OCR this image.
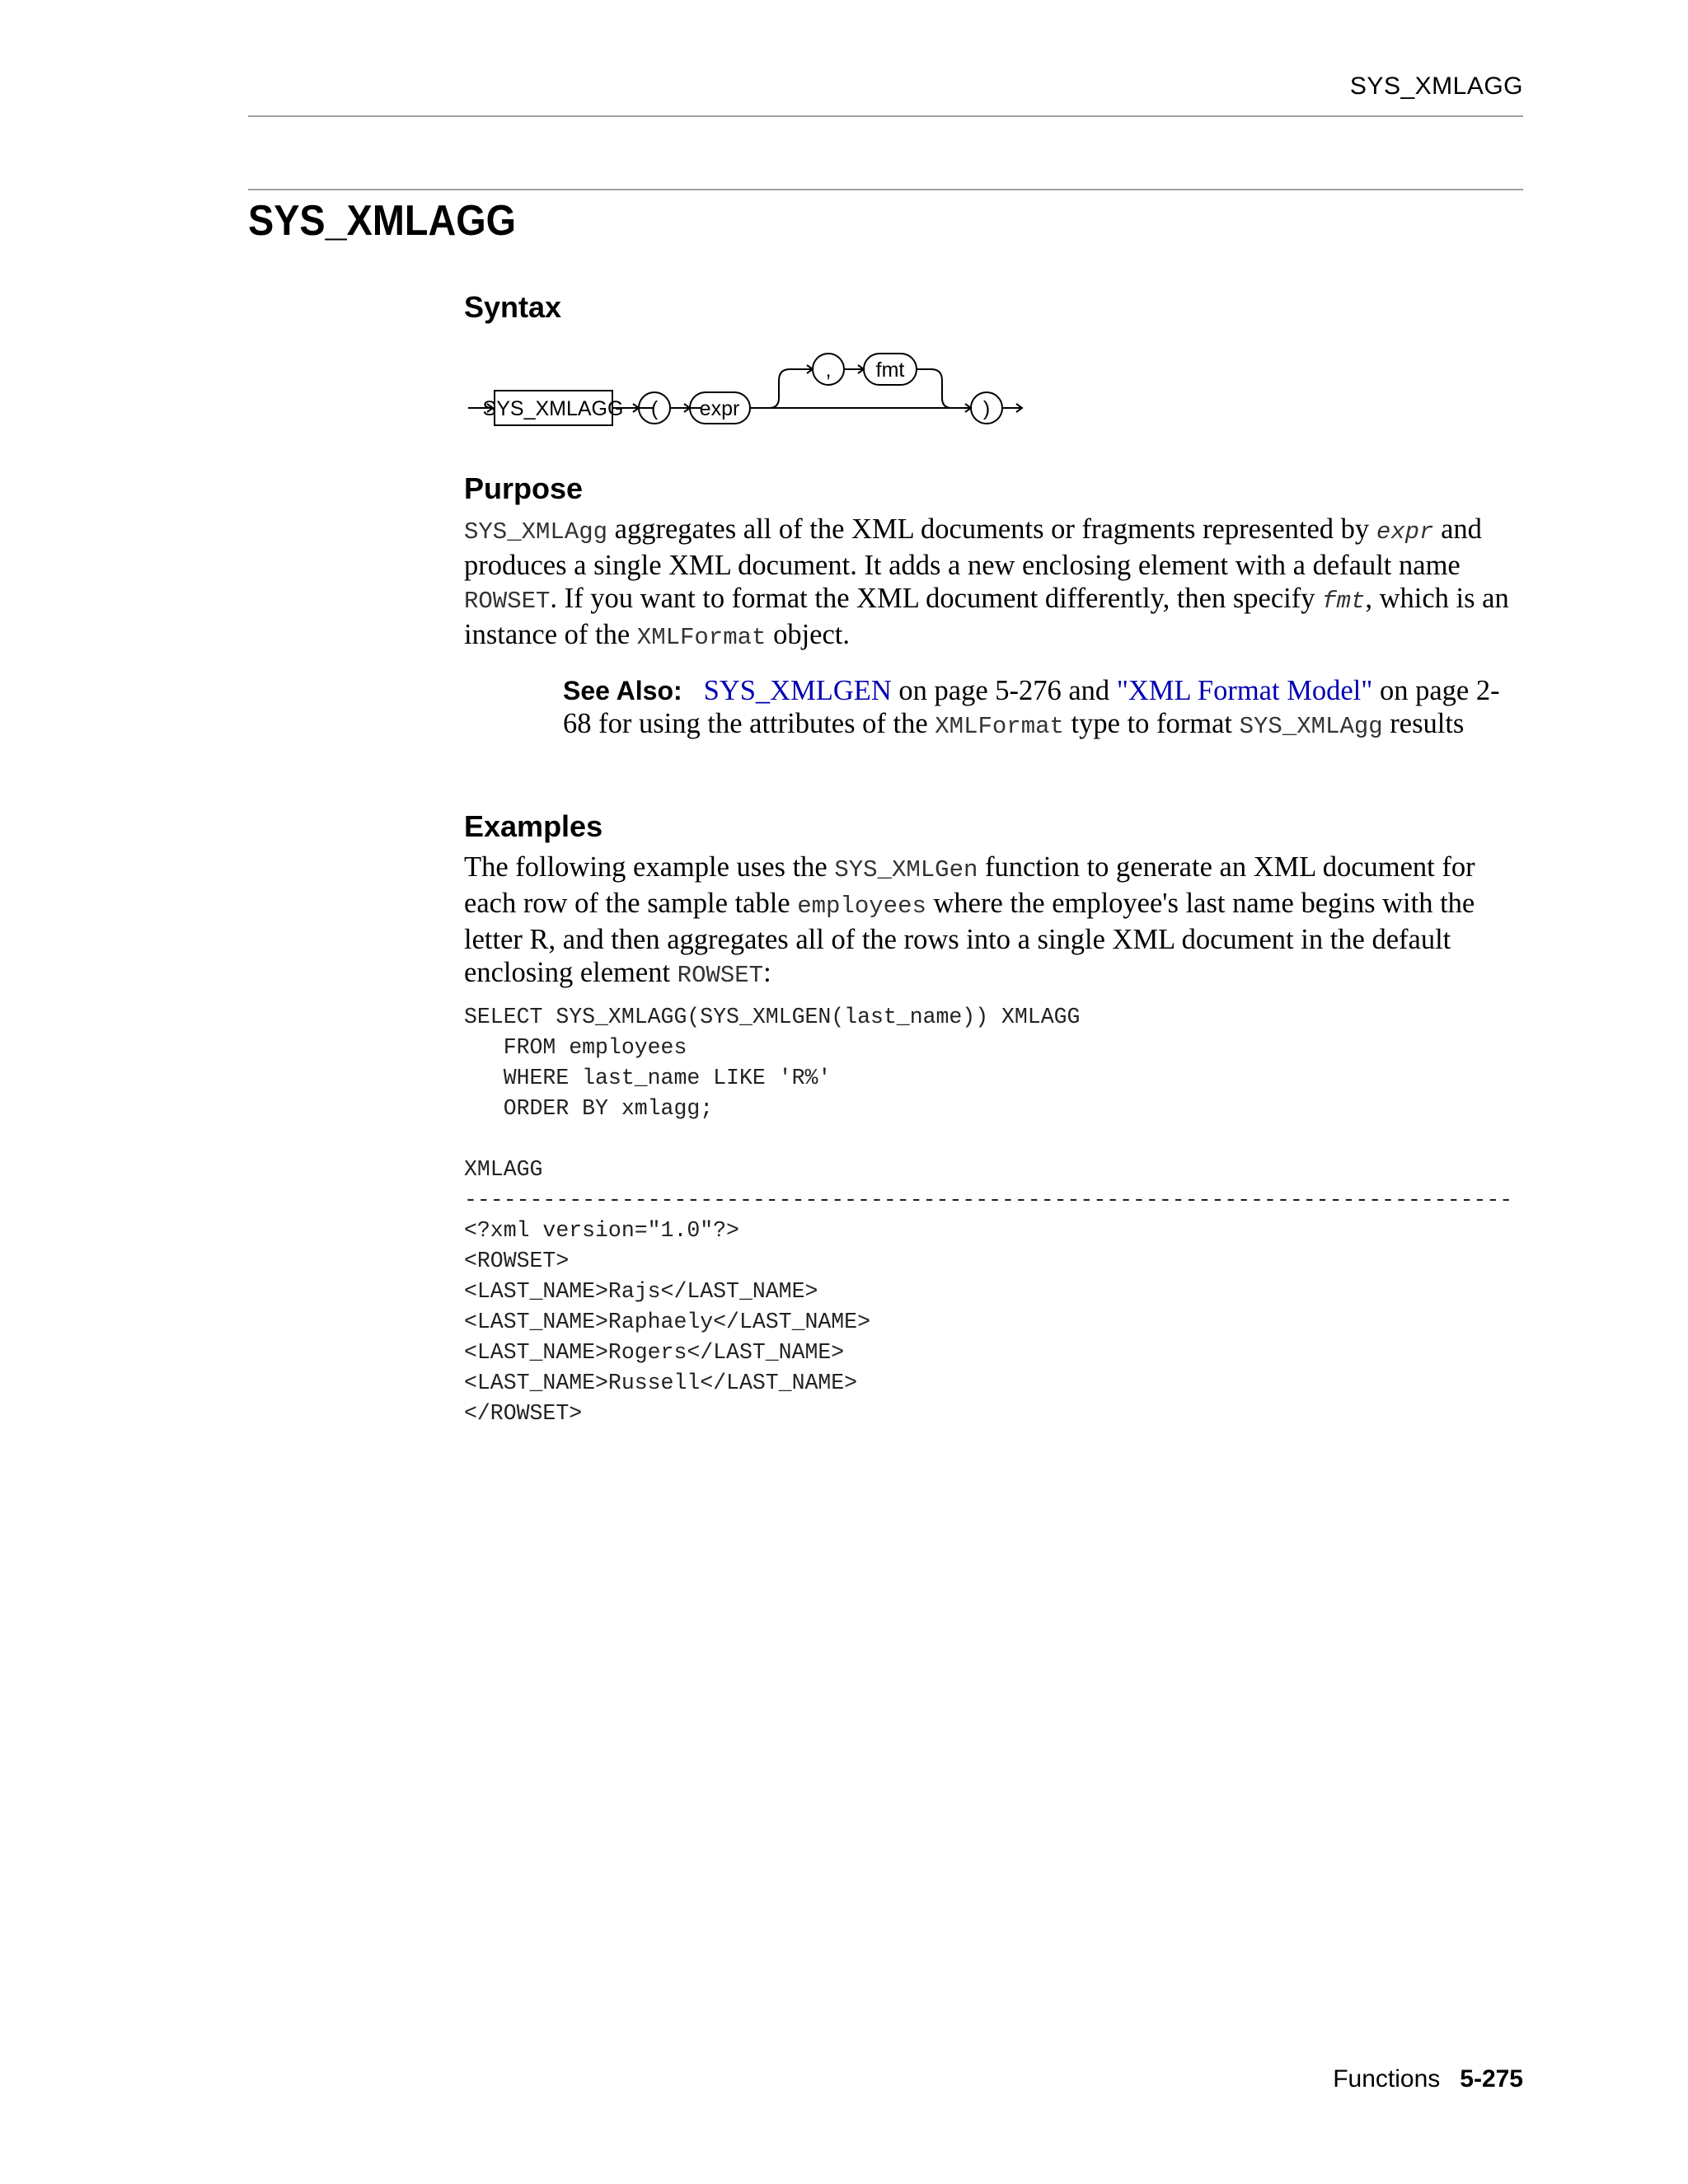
SYS_XMLAGG
SYS_XMLAGG
Syntax
SYS_XMLAGG ( expr
, fmt
)
Purpose

SYS_XMLAgg aggregates all of the XML documents or fragments represented by expr and produces a single XML document. It adds a new enclosing element with a default name ROWSET. If you want to format the XML document differently, then specify fmt, which is an instance of the XMLFormat object.

See Also: SYS_XMLGEN on page 5-276 and "XML Format Model" on page 2-68 for using the attributes of the XMLFormat type to format SYS_XMLAgg results

Examples

The following example uses the SYS_XMLGen function to generate an XML document for each row of the sample table employees where the employee's last name begins with the letter R, and then aggregates all of the rows into a single XML document in the default enclosing element ROWSET:

SELECT SYS_XMLAGG(SYS_XMLGEN(last_name)) XMLAGG
FROM employees
WHERE last_name LIKE 'R%'
ORDER BY xmlagg;
XMLAGG
--------------------------------------------------------------------------------
<?xml version="1.0"?>
<ROWSET>
<LAST_NAME>Rajs</LAST_NAME>
<LAST_NAME>Raphaely</LAST_NAME>
<LAST_NAME>Rogers</LAST_NAME>
<LAST_NAME>Russell</LAST_NAME>
</ROWSET>
Functions 5-275
